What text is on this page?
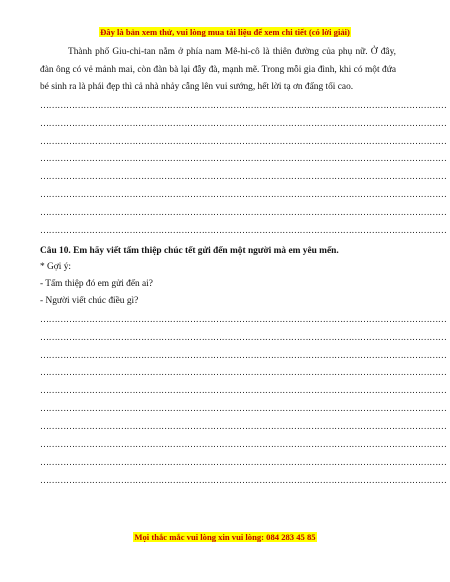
Đây là bản xem thử, vui lòng mua tài liệu để xem chi tiết (có lời giải)

Thành phố Giu-chi-tan nằm ở phía nam Mê-hi-cô là thiên đường của phụ nữ. Ở đây, đàn ông có vẻ mảnh mai, còn đàn bà lại đẫy đà, mạnh mẽ. Trong mỗi gia đình, khi có một đứa bé sinh ra là phái đẹp thì cả nhà nhảy cẫng lên vui sướng, hết lời tạ ơn đấng tối cao.

……………………………………………………………………………………………………………………………
……………………………………………………………………………………………………………………………
……………………………………………………………………………………………………………………………
……………………………………………………………………………………………………………………………
……………………………………………………………………………………………………………………………
……………………………………………………………………………………………………………………………
……………………………………………………………………………………………………………………………
……………………………………………………………………………………………………………………………

Câu 10. Em hãy viết tấm thiệp chúc tết gửi đến một người mà em yêu mến.

* Gợi ý:

- Tấm thiệp đó em gửi đến ai?

- Người viết chúc điều gì?

……………………………………………………………………………………………………………………………
……………………………………………………………………………………………………………………………
……………………………………………………………………………………………………………………………
……………………………………………………………………………………………………………………………
……………………………………………………………………………………………………………………………
……………………………………………………………………………………………………………………………
……………………………………………………………………………………………………………………………
……………………………………………………………………………………………………………………………
……………………………………………………………………………………………………………………………
……………………………………………………………………………………………………………………………
Mọi thắc mắc vui lòng xin vui lòng: 084 283 45 85
